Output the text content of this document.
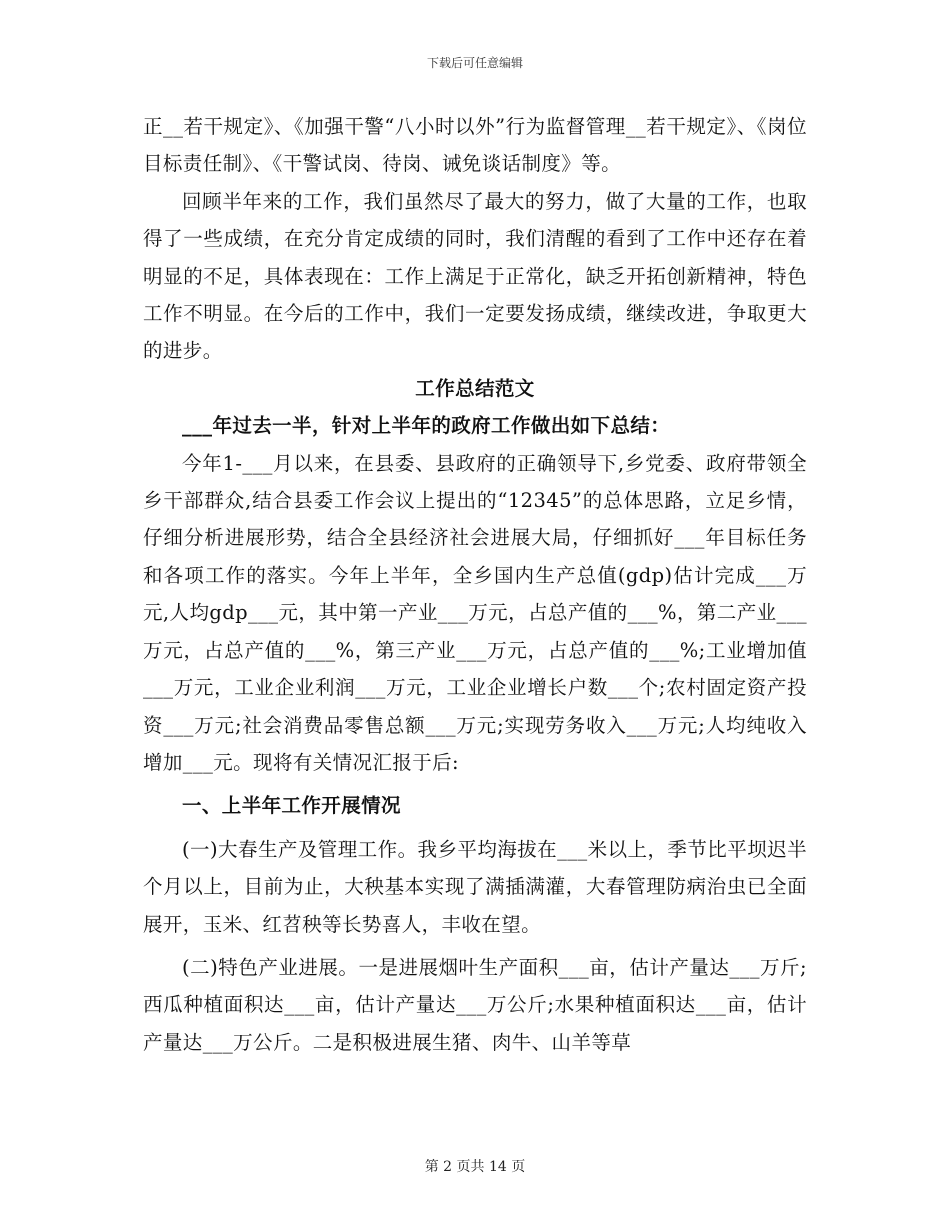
下载后可任意编辑

正__若干规定》、《加强干警“八小时以外”行为监督管理__若干规定》、《岗位目标责任制》、《干警试岗、待岗、诫免谈话制度》等。

回顾半年来的工作，我们虽然尽了最大的努力，做了大量的工作，也取得了一些成绩，在充分肯定成绩的同时，我们清醒的看到了工作中还存在着明显的不足，具体表现在：工作上满足于正常化，缺乏开拓创新精神，特色工作不明显。在今后的工作中，我们一定要发扬成绩，继续改进，争取更大的进步。

工作总结范文

___年过去一半，针对上半年的政府工作做出如下总结：

今年1-___月以来，在县委、县政府的正确领导下,乡党委、政府带领全乡干部群众,结合县委工作会议上提出的“12345”的总体思路，立足乡情，仔细分析进展形势，结合全县经济社会进展大局，仔细抓好___年目标任务和各项工作的落实。今年上半年，全乡国内生产总值(gdp)估计完成___万元,人均gdp___元，其中第一产业___万元，占总产值的___%，第二产业___万元，占总产值的___%，第三产业___万元，占总产值的___%;工业增加值___万元，工业企业利润___万元，工业企业增长户数___个;农村固定资产投资___万元;社会消费品零售总额___万元;实现劳务收入___万元;人均纯收入增加___元。现将有关情况汇报于后:

一、上半年工作开展情况

(一)大春生产及管理工作。我乡平均海拔在___米以上，季节比平坝迟半个月以上，目前为止，大秧基本实现了满插满灌，大春管理防病治虫已全面展开，玉米、红苕秧等长势喜人，丰收在望。

(二)特色产业进展。一是进展烟叶生产面积___亩，估计产量达___万斤;西瓜种植面积达___亩，估计产量达___万公斤;水果种植面积达___亩，估计产量达___万公斤。二是积极进展生猪、肉牛、山羊等草

第 2 页共 14 页
